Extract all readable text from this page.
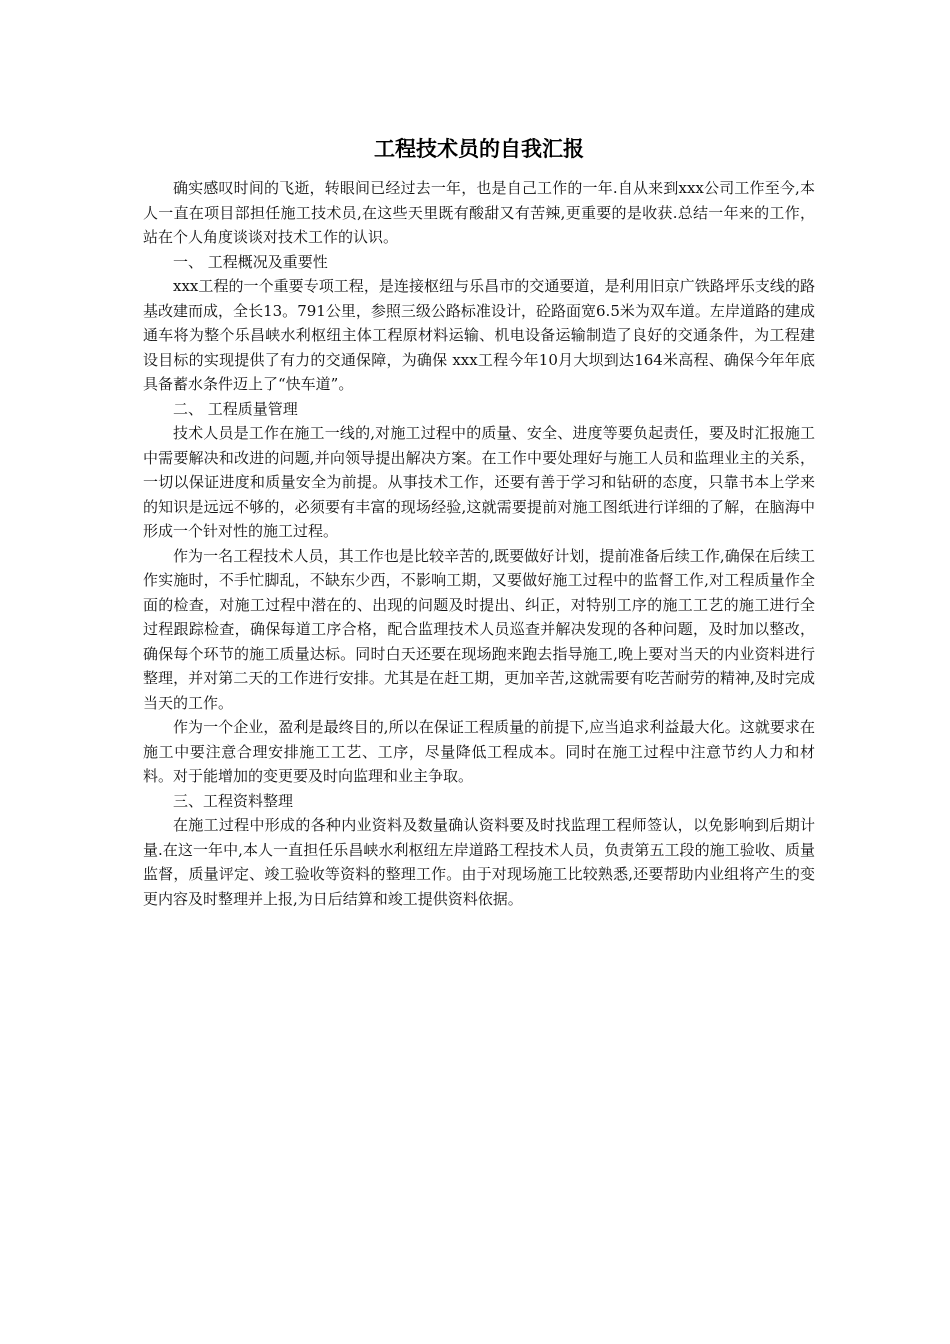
工程技术员的自我汇报

确实感叹时间的飞逝，转眼间已经过去一年，也是自己工作的一年.自从来到xxx公司工作至今,本人一直在项目部担任施工技术员,在这些天里既有酸甜又有苦辣,更重要的是收获.总结一年来的工作，站在个人角度谈谈对技术工作的认识。

一、 工程概况及重要性

xxx工程的一个重要专项工程，是连接枢纽与乐昌市的交通要道，是利用旧京广铁路坪乐支线的路基改建而成，全长13。791公里，参照三级公路标准设计，砼路面宽6.5米为双车道。左岸道路的建成通车将为整个乐昌峡水利枢纽主体工程原材料运输、机电设备运输制造了良好的交通条件，为工程建设目标的实现提供了有力的交通保障，为确保 xxx工程今年10月大坝到达164米高程、确保今年年底具备蓄水条件迈上了“快车道”。

二、 工程质量管理

技术人员是工作在施工一线的,对施工过程中的质量、安全、进度等要负起责任，要及时汇报施工中需要解决和改进的问题,并向领导提出解决方案。在工作中要处理好与施工人员和监理业主的关系，一切以保证进度和质量安全为前提。从事技术工作，还要有善于学习和钻研的态度，只靠书本上学来的知识是远远不够的，必须要有丰富的现场经验,这就需要提前对施工图纸进行详细的了解，在脑海中形成一个针对性的施工过程。

作为一名工程技术人员，其工作也是比较辛苦的,既要做好计划，提前准备后续工作,确保在后续工作实施时，不手忙脚乱，不缺东少西，不影响工期，又要做好施工过程中的监督工作,对工程质量作全面的检查，对施工过程中潜在的、出现的问题及时提出、纠正，对特别工序的施工工艺的施工进行全过程跟踪检查，确保每道工序合格，配合监理技术人员巡查并解决发现的各种问题，及时加以整改，确保每个环节的施工质量达标。同时白天还要在现场跑来跑去指导施工,晚上要对当天的内业资料进行整理，并对第二天的工作进行安排。尤其是在赶工期，更加辛苦,这就需要有吃苦耐劳的精神,及时完成当天的工作。

作为一个企业，盈利是最终目的,所以在保证工程质量的前提下,应当追求利益最大化。这就要求在施工中要注意合理安排施工工艺、工序，尽量降低工程成本。同时在施工过程中注意节约人力和材料。对于能增加的变更要及时向监理和业主争取。

三、工程资料整理

在施工过程中形成的各种内业资料及数量确认资料要及时找监理工程师签认，以免影响到后期计量.在这一年中,本人一直担任乐昌峡水利枢纽左岸道路工程技术人员，负责第五工段的施工验收、质量监督，质量评定、竣工验收等资料的整理工作。由于对现场施工比较熟悉,还要帮助内业组将产生的变更内容及时整理并上报,为日后结算和竣工提供资料依据。
